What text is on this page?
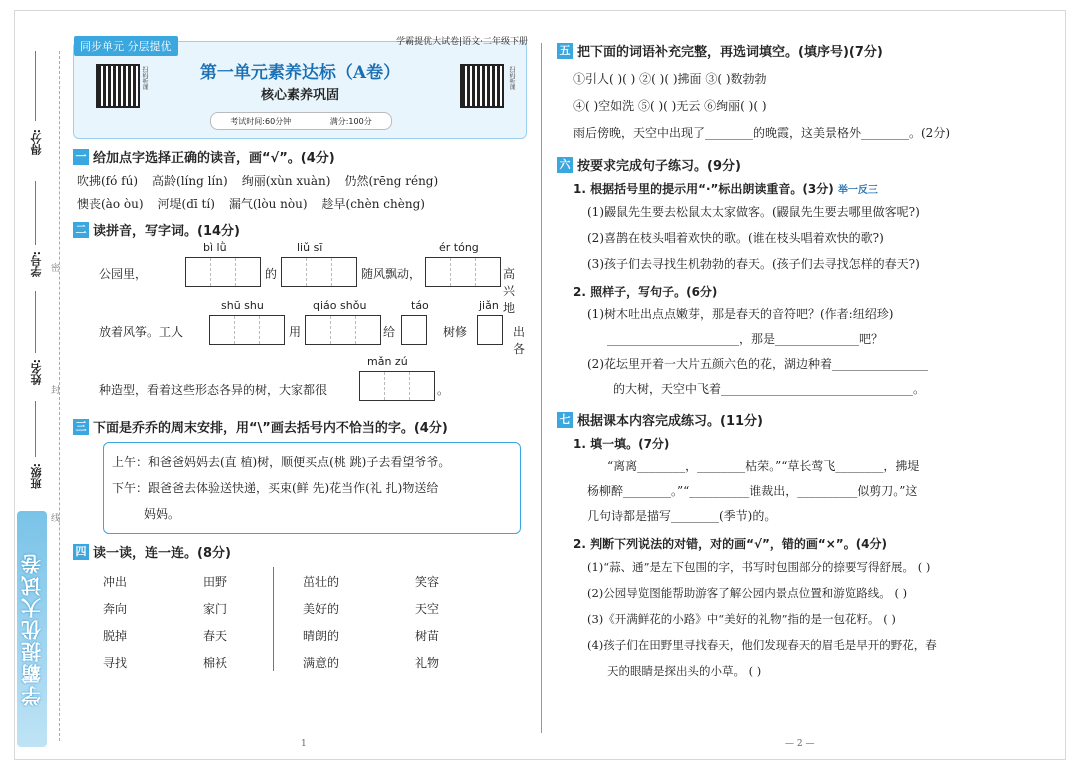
得分:
学号:
姓名:
班级:
密
封
线
学霸提优大试卷
同步单元 分层提优	学霸提优大试卷|语文·二年级下册
扫码听课	扫码听课
第一单元素养达标（A卷）
核心素养巩固
考试时间:60分钟	满分:100分
一 给加点字选择正确的读音，画“√”。(4分)
吹拂(fó fú) 高龄(líng lín) 绚丽(xùn xuàn) 仍然(rēng réng)
懊丧(ào òu) 河堤(dī tí) 漏气(lòu nòu) 趁早(chèn chèng)
二 读拼音，写字词。(14分)
bì lǜ	liǔ sī	ér tóng
公园里，	的	随风飘动，	高兴地
shū shu	qiáo shǒu	táo	jiǎn
放着风筝。工人	用	给	树修	出各
mǎn zú
种造型，看着这些形态各异的树，大家都很	。
三 下面是乔乔的周末安排，用“\”画去括号内不恰当的字。(4分)
上午：和爸爸妈妈去(直 植)树，顺便买点(桃 跳)子去看望爷爷。
下午：跟爸爸去体验送快递，买束(鲜 先)花当作(礼 扎)物送给
妈妈。
四 读一读，连一连。(8分)
冲出
奔向
脱掉
寻找
田野
家门
春天
棉袄
茁壮的
美好的
晴朗的
满意的
笑容
天空
树苗
礼物
五 把下面的词语补充完整，再选词填空。(填序号)(7分)
①引人( )( ) ②( )( )拂面 ③( )数勃勃
④( )空如洗 ⑤( )( )无云 ⑥绚丽( )( )
雨后傍晚，天空中出现了________的晚霞，这美景格外________。(2分)
六 按要求完成句子练习。(9分)
1. 根据括号里的提示用“·”标出朗读重音。(3分) 举一反三
(1)鼹鼠先生要去松鼠太太家做客。(鼹鼠先生要去哪里做客呢?)
(2)喜鹊在枝头唱着欢快的歌。(谁在枝头唱着欢快的歌?)
(3)孩子们去寻找生机勃勃的春天。(孩子们去寻找怎样的春天?)
2. 照样子，写句子。(6分)
(1)树木吐出点点嫩芽，那是春天的音符吧？(作者:纽绍珍)
______________________，那是______________吧？
(2)花坛里开着一大片五颜六色的花，湖边种着________________
的大树，天空中飞着________________________________。
七 根据课本内容完成练习。(11分)
1. 填一填。(7分)
“离离________，________枯荣。”“草长莺飞________，拂堤
杨柳醉________。”“__________谁裁出，__________似剪刀。”这
几句诗都是描写________(季节)的。
2. 判断下列说法的对错，对的画“√”，错的画“×”。(4分)
(1)“蒜、通”是左下包围的字，书写时包围部分的捺要写得舒展。 ( )
(2)公园导览图能帮助游客了解公园内景点位置和游览路线。 ( )
(3)《开满鲜花的小路》中“美好的礼物”指的是一包花籽。 ( )
(4)孩子们在田野里寻找春天，他们发现春天的眉毛是早开的野花，春
天的眼睛是探出头的小草。 ( )
1	— 2 —
